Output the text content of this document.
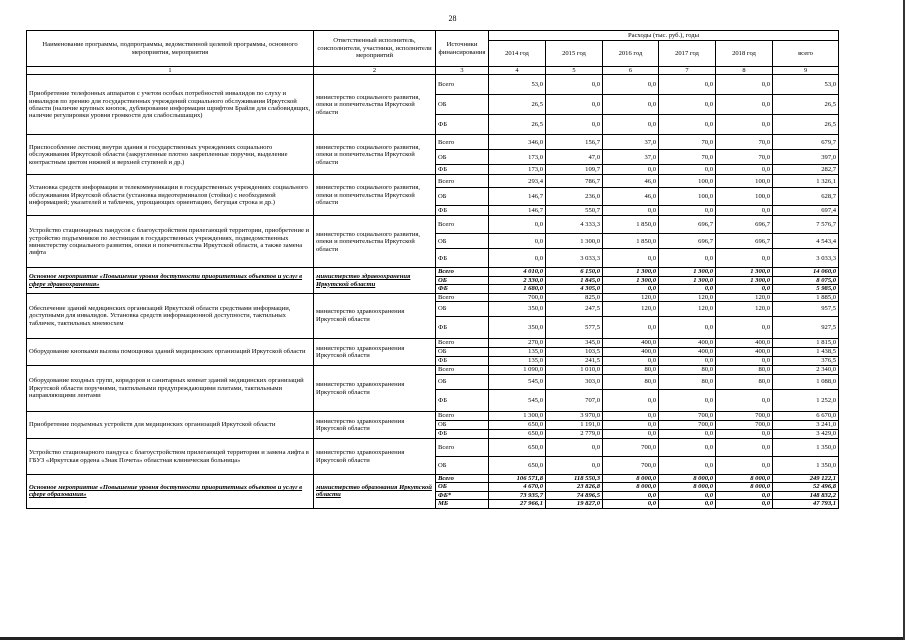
28
Наименование программы, подпрограммы, ведомственной целевой программы, основного мероприятия, мероприятия	Ответственный исполнитель, соисполнители, участники, исполнители мероприятий	Источники финансирования	Расходы (тыс. руб.), годы					
			2014 год	2015 год	2016 год	2017 год	2018 год	всего
1	2	3	4	5	6	7	8	9
Приобретение телефонных аппаратов с учетом особых потребностей инвалидов по слуху и инвалидов по зрению для государственных учреждений социального обслуживания Иркутской области (наличие крупных кнопок, дублирование информации шрифтом Брайля для слабовидящих, наличие регулировки уровня громкости для слабослышащих)	министерство социального развития, опеки и попечительства Иркутской области	Всего	53,0	0,0	0,0	0,0	0,0	53,0
		ОБ	26,5	0,0	0,0	0,0	0,0	26,5
		ФБ	26,5	0,0	0,0	0,0	0,0	26,5
Приспособление лестниц внутри здания в государственных учреждениях социального обслуживания Иркутской области (закругленные плотно закрепленные поручни, выделение контрастным цветом нижней и верхней ступеней и др.)	министерство социального развития, опеки и попечительства Иркутской области	Всего	346,0	156,7	37,0	70,0	70,0	679,7
		ОБ	173,0	47,0	37,0	70,0	70,0	397,0
		ФБ	173,0	109,7	0,0	0,0	0,0	282,7
Установка средств информации и телекоммуникации в государственных учреждениях социального обслуживания Иркутской области (установка видеотерминалов (стойки) с необходимой информацией; указателей и табличек, упрощающих ориентацию, бегущая строка и др.)	министерство социального развития, опеки и попечительства Иркутской области	Всего	293,4	786,7	46,0	100,0	100,0	1 326,1
		ОБ	146,7	236,0	46,0	100,0	100,0	628,7
		ФБ	146,7	550,7	0,0	0,0	0,0	697,4
Устройство стационарных пандусов с благоустройством прилегающей территории, приобретение и устройство подъемников по лестницам в государственных учреждениях, подведомственных министерству социального развития, опеки и попечительства Иркутской области, а также замена лифта	министерство социального развития, опеки и попечительства Иркутской области	Всего	0,0	4 333,3	1 850,0	696,7	696,7	7 576,7
		ОБ	0,0	1 300,0	1 850,0	696,7	696,7	4 543,4
		ФБ	0,0	3 033,3	0,0	0,0	0,0	3 033,3
Основное мероприятие «Повышение уровня доступности приоритетных объектов и услуг в сфере здравоохранения»	министерство здравоохранения Иркутской области	Всего	4 010,0	6 150,0	1 300,0	1 300,0	1 300,0	14 060,0
		ОБ	2 330,0	1 845,0	1 300,0	1 300,0	1 300,0	8 075,0
		ФБ	1 680,0	4 305,0	0,0	0,0	0,0	5 985,0
Обеспечение зданий медицинских организаций Иркутской области средствами информации, доступными для инвалидов. Установка средств информационной доступности, тактильных табличек, тактильных мнемосхем	министерство здравоохранения Иркутской области	Всего	700,0	825,0	120,0	120,0	120,0	1 885,0
		ОБ	350,0	247,5	120,0	120,0	120,0	957,5
		ФБ	350,0	577,5	0,0	0,0	0,0	927,5
Оборудование кнопками вызова помощника зданий медицинских организаций Иркутской области	министерство здравоохранения Иркутской области	Всего	270,0	345,0	400,0	400,0	400,0	1 815,0
		ОБ	135,0	103,5	400,0	400,0	400,0	1 438,5
		ФБ	135,0	241,5	0,0	0,0	0,0	376,5
Оборудование входных групп, коридоров и санитарных комнат зданий медицинских организаций Иркутской области поручнями, тактильными предупреждающими плитами, тактильными направляющими лентами	министерство здравоохранения Иркутской области	Всего	1 090,0	1 010,0	80,0	80,0	80,0	2 340,0
		ОБ	545,0	303,0	80,0	80,0	80,0	1 088,0
		ФБ	545,0	707,0	0,0	0,0	0,0	1 252,0
Приобретение подъемных устройств для медицинских организаций Иркутской области	министерство здравоохранения Иркутской области	Всего	1 300,0	3 970,0	0,0	700,0	700,0	6 670,0
		ОБ	650,0	1 191,0	0,0	700,0	700,0	3 241,0
		ФБ	650,0	2 779,0	0,0	0,0	0,0	3 429,0
Устройство стационарного пандуса с благоустройством прилегающей территории и замена лифта в ГБУЗ «Иркутская ордена «Знак Почета» областная клиническая больница»	министерство здравоохранения Иркутской области	Всего	650,0	0,0	700,0	0,0	0,0	1 350,0
		ОБ	650,0	0,0	700,0	0,0	0,0	1 350,0
Основное мероприятие «Повышение уровня доступности приоритетных объектов и услуг в сфере образования»	министерство образования Иркутской области	Всего	106 571,8	118 550,3	8 000,0	8 000,0	8 000,0	249 122,1
		ОБ	4 670,0	23 826,8	8 000,0	8 000,0	8 000,0	52 496,8
		ФБ*	73 935,7	74 896,5	0,0	0,0	0,0	148 832,2
		МБ	27 966,1	19 827,0	0,0	0,0	0,0	47 793,1
